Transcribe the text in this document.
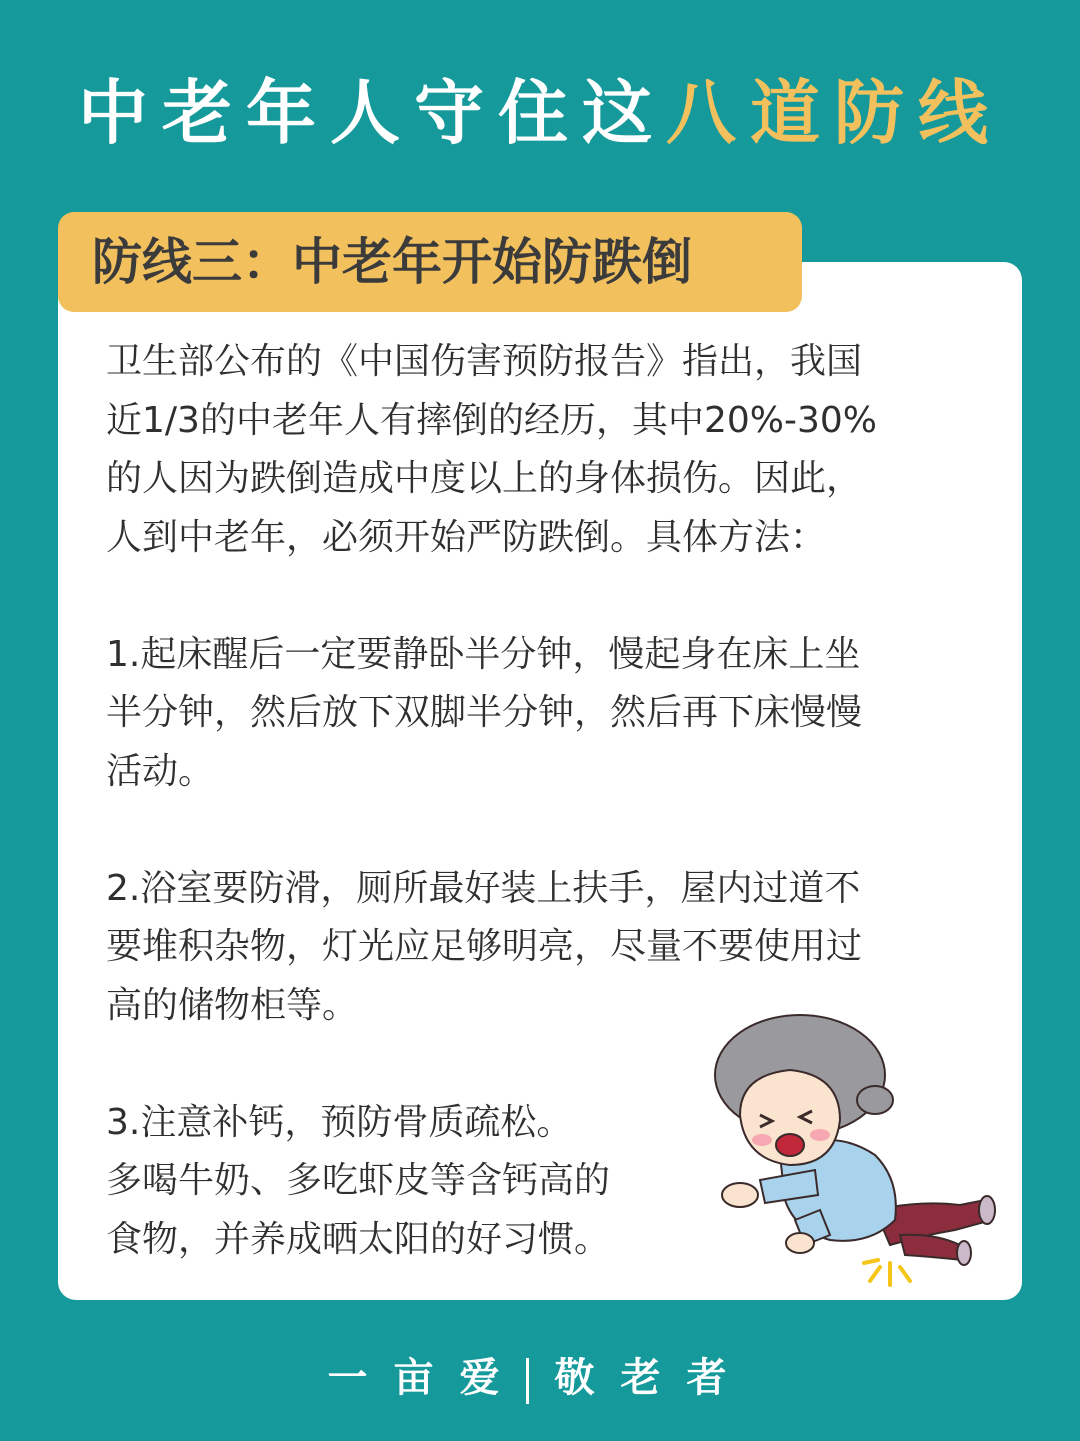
中老年人守住这八道防线
防线三：中老年开始防跌倒

卫生部公布的《中国伤害预防报告》指出，我国
近1/3的中老年人有摔倒的经历，其中20%-30%
的人因为跌倒造成中度以上的身体损伤。因此，
人到中老年，必须开始严防跌倒。具体方法：

1.起床醒后一定要静卧半分钟，慢起身在床上坐
半分钟，然后放下双脚半分钟，然后再下床慢慢
活动。

2.浴室要防滑，厕所最好装上扶手，屋内过道不
要堆积杂物，灯光应足够明亮，尽量不要使用过
高的储物柜等。

3.注意补钙，预防骨质疏松。
多喝牛奶、多吃虾皮等含钙高的
食物，并养成晒太阳的好习惯。

一亩爱 敬老者
